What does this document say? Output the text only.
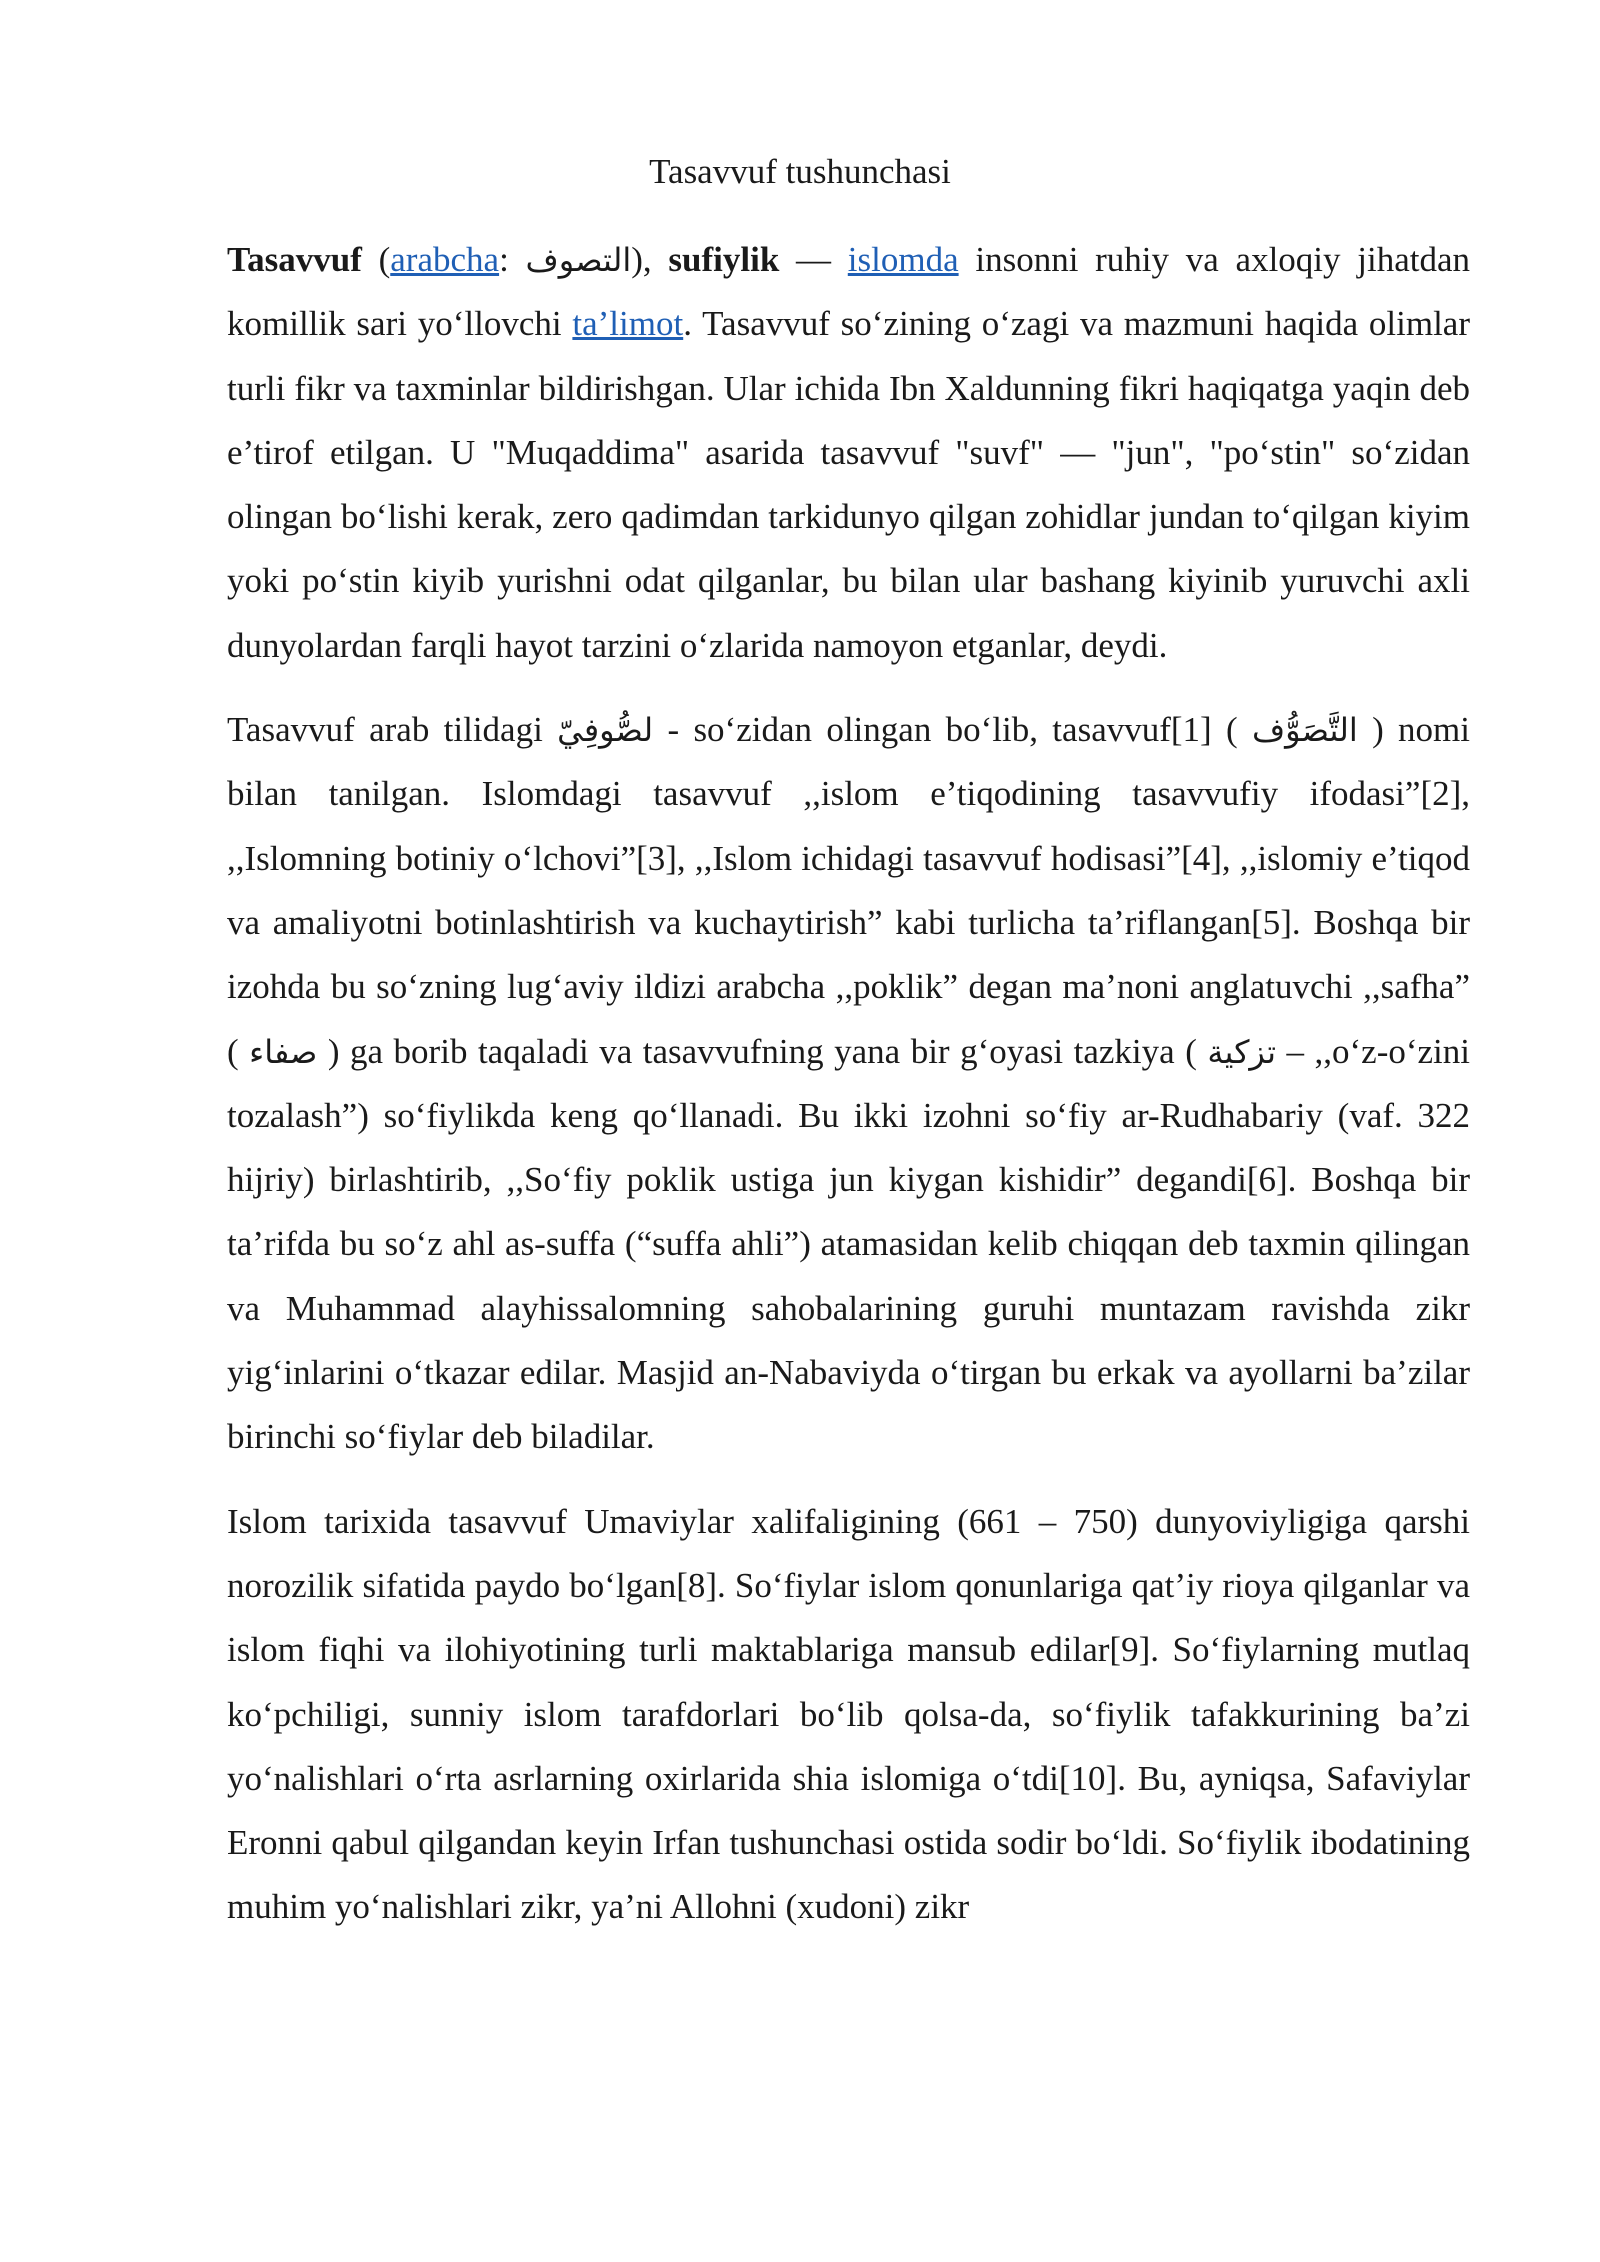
Tasavvuf tushunchasi

Tasavvuf (arabcha: التصوف), sufiylik — islomda insonni ruhiy va axloqiy jihatdan komillik sari yo‘llovchi ta’limot. Tasavvuf so‘zining o‘zagi va mazmuni haqida olimlar turli fikr va taxminlar bildirishgan. Ular ichida Ibn Xaldunning fikri haqiqatga yaqin deb e’tirof etilgan. U "Muqaddima" asarida tasavvuf "suvf" — "jun", "po‘stin" so‘zidan olingan bo‘lishi kerak, zero qadimdan tarkidunyo qilgan zohidlar jundan to‘qilgan kiyim yoki po‘stin kiyib yurishni odat qilganlar, bu bilan ular bashang kiyinib yuruvchi axli dunyolardan farqli hayot tarzini o‘zlarida namoyon etganlar, deydi.

Tasavvuf arab tilidagi لصُّوفِيّ - so‘zidan olingan bo‘lib, tasavvuf[1] ( التَّصَوُّف ) nomi bilan tanilgan. Islomdagi tasavvuf ,,islom e’tiqodining tasavvufiy ifodasi”[2], ,,Islomning botiniy o‘lchovi”[3], ,,Islom ichidagi tasavvuf hodisasi”[4], ,,islomiy e’tiqod va amaliyotni botinlashtirish va kuchaytirish” kabi turlicha ta’riflangan[5]. Boshqa bir izohda bu so‘zning lug‘aviy ildizi arabcha ,,poklik” degan ma’noni anglatuvchi ,,safha” ( صفاء ) ga borib taqaladi va tasavvufning yana bir g‘oyasi tazkiya ( تزكية – ,,o‘z-o‘zini tozalash”) so‘fiylikda keng qo‘llanadi. Bu ikki izohni so‘fiy ar-Rudhabariy (vaf. 322 hijriy) birlashtirib, ,,So‘fiy poklik ustiga jun kiygan kishidir” degandi[6]. Boshqa bir ta’rifda bu so‘z ahl as-suffa (“suffa ahli”) atamasidan kelib chiqqan deb taxmin qilingan va Muhammad alayhissalomning sahobalarining guruhi muntazam ravishda zikr yig‘inlarini o‘tkazar edilar. Masjid an-Nabaviyda o‘tirgan bu erkak va ayollarni ba’zilar birinchi so‘fiylar deb biladilar.

Islom tarixida tasavvuf Umaviylar xalifaligining (661 – 750) dunyoviyligiga qarshi norozilik sifatida paydo bo‘lgan[8]. So‘fiylar islom qonunlariga qat’iy rioya qilganlar va islom fiqhi va ilohiyotining turli maktablariga mansub edilar[9]. So‘fiylarning mutlaq ko‘pchiligi, sunniy islom tarafdorlari bo‘lib qolsa-da, so‘fiylik tafakkurining ba’zi yo‘nalishlari o‘rta asrlarning oxirlarida shia islomiga o‘tdi[10]. Bu, ayniqsa, Safaviylar Eronni qabul qilgandan keyin Irfan tushunchasi ostida sodir bo‘ldi. So‘fiylik ibodatining muhim yo‘nalishlari zikr, ya’ni Allohni (xudoni) zikr
